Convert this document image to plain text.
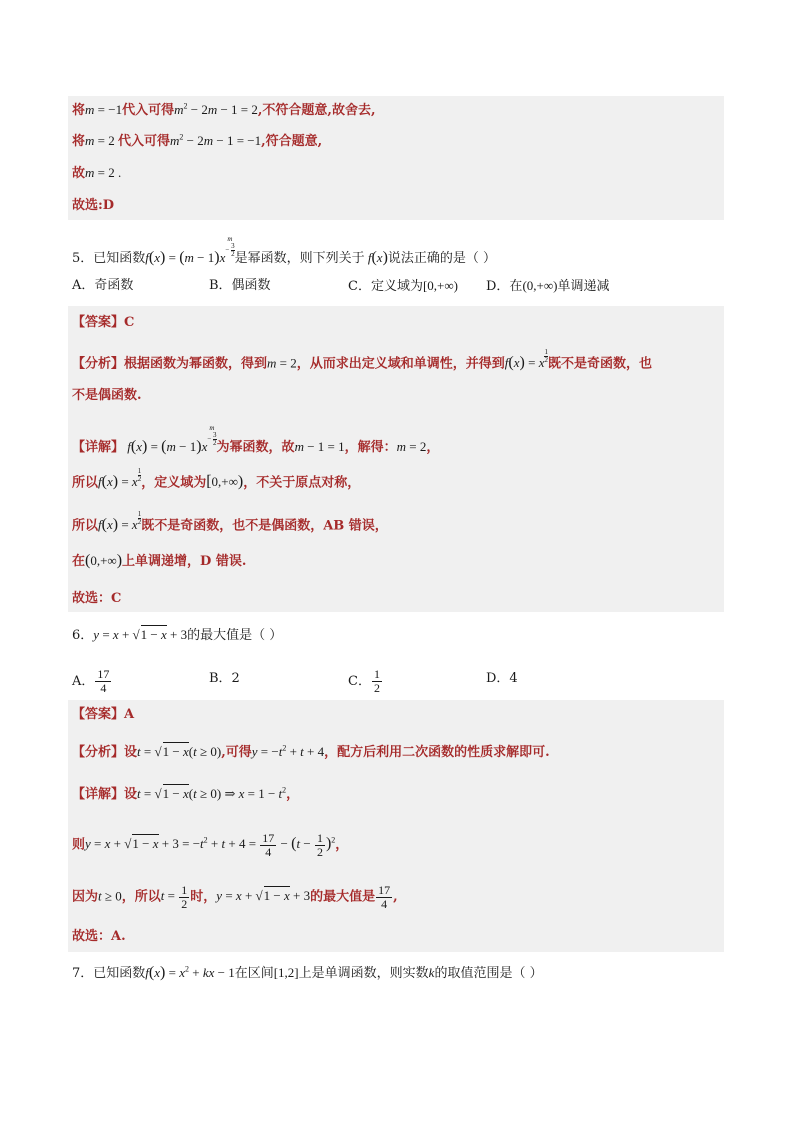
将m = −1代入可得$m^2 - 2m - 1 = 2$,不符合题意,故舍去,
将m = 2 代入可得$m^2 - 2m - 1 = -1$,符合题意,
故m = 2 .
故选:D
5．已知函数f(x) = (m − 1)x
m
− $\frac{3}{2}$
是幂函数，则下列关于 f(x)说法正确的是（ ）
A．奇函数	B．偶函数	C．定义域为[0,+∞) D．在(0,+∞)单调递减
【答案】C
【分析】根据函数为幂函数，得到m = 2，从而求出定义域和单调性，并得到f(x) = x $\frac{1}{2}$ 既不是奇函数，也
不是偶函数.
【详解】 f(x) = (m − 1)x
m
− $\frac{3}{2}$
为幂函数，故m − 1 = 1，解得：m = 2，
所以f(x) = x $\frac{1}{2}$ ，定义域为[0,+∞)，不关于原点对称，
所以f(x) = x $\frac{1}{2}$ 既不是奇函数，也不是偶函数，AB 错误，
在(0,+∞)上单调递增，D 错误.
故选：C
6．y = x + √1 − x + 3的最大值是（ ）
A． $\frac{17}{4}$	B．2	C． $\frac{1}{2}$	D．4
【答案】A
【分析】设t = √1 − x(t ≥ 0),可得$y = -t^2 + t + 4$，配方后利用二次函数的性质求解即可.
【详解】设t = √1 − x(t ≥ 0) ⇒ $x = 1 - t^2$，
则$y = x + √1 - x + 3 = -t^2 + t + 4 = \frac{17}{4} - (t - \frac{1}{2} )^2$，
因为t ≥ 0，所以$t = \frac{1}{2}$ 时，y = x + √1 − x + 3的最大值是 $\frac{17}{4}$ ,
故选：A.
7．已知函数$f(x) = x^2$ + kx − 1在区间[1,2]上是单调函数，则实数k的取值范围是（ ）
